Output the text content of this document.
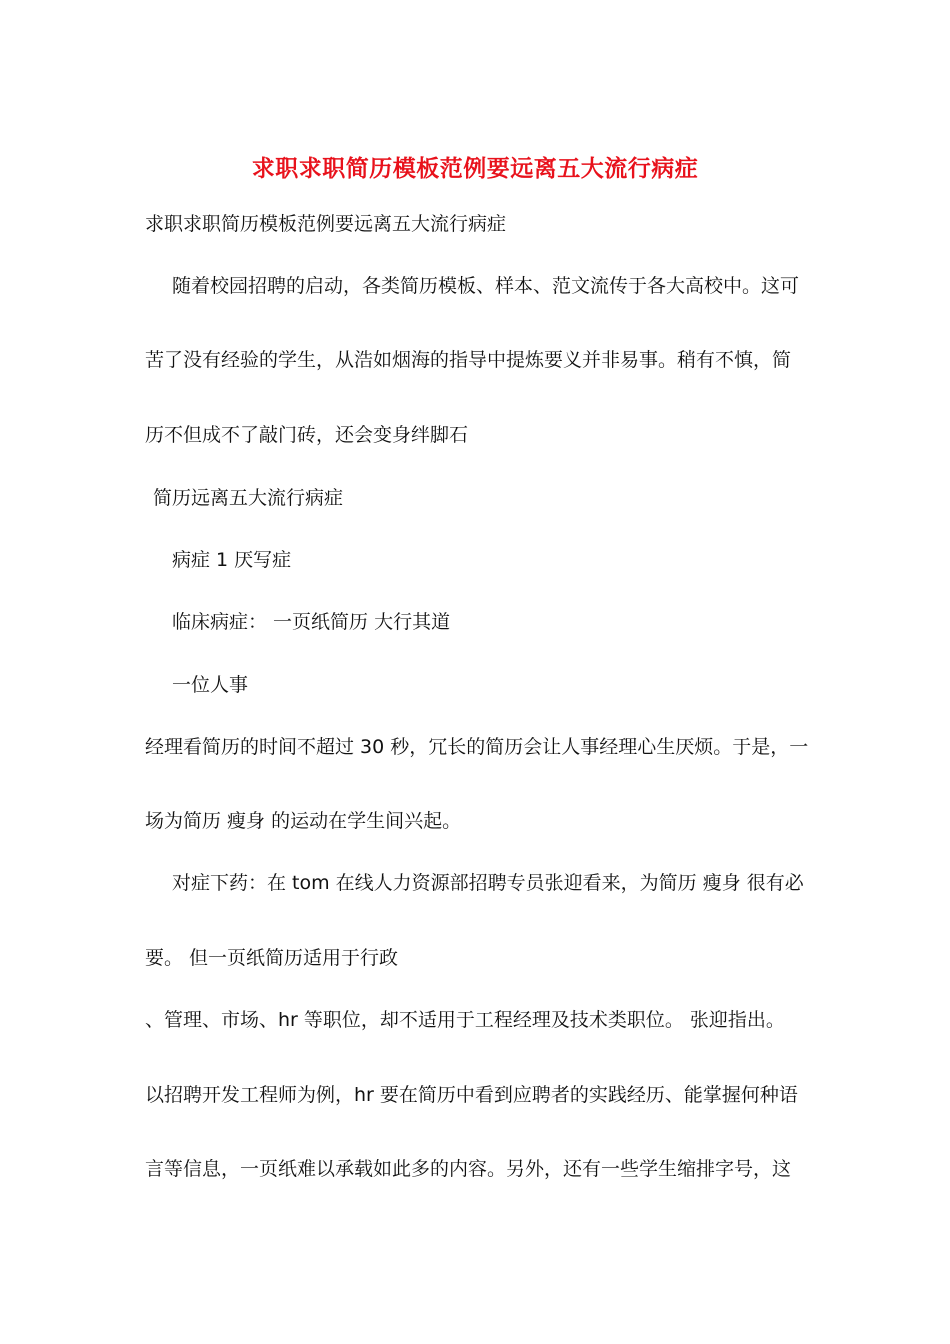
求职求职简历模板范例要远离五大流行病症
求职求职简历模板范例要远离五大流行病症
随着校园招聘的启动，各类简历模板、样本、范文流传于各大高校中。这可
苦了没有经验的学生，从浩如烟海的指导中提炼要义并非易事。稍有不慎，简
历不但成不了敲门砖，还会变身绊脚石
简历远离五大流行病症
病症 1 厌写症
临床病症： 一页纸简历 大行其道
一位人事
经理看简历的时间不超过 30 秒，冗长的简历会让人事经理心生厌烦。于是，一
场为简历 瘦身 的运动在学生间兴起。
对症下药：在 tom 在线人力资源部招聘专员张迎看来，为简历 瘦身 很有必
要。 但一页纸简历适用于行政
、管理、市场、hr 等职位，却不适用于工程经理及技术类职位。 张迎指出。
以招聘开发工程师为例，hr 要在简历中看到应聘者的实践经历、能掌握何种语
言等信息，一页纸难以承载如此多的内容。另外，还有一些学生缩排字号，这
